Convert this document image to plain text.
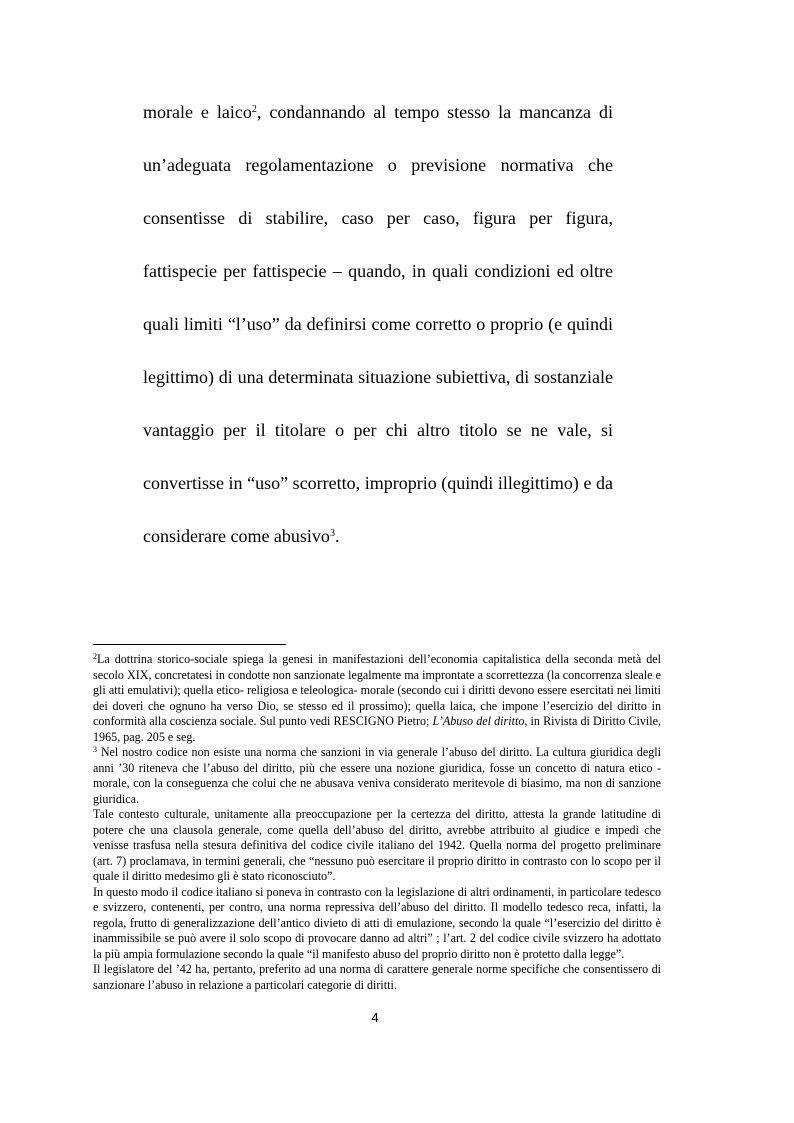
morale e laico$^2$, condannando al tempo stesso la mancanza di un’adeguata regolamentazione o previsione normativa che consentisse di stabilire, caso per caso, figura per figura, fattispecie per fattispecie – quando, in quali condizioni ed oltre quali limiti “l’uso” da definirsi come corretto o proprio (e quindi legittimo) di una determinata situazione subiettiva, di sostanziale vantaggio per il titolare o per chi altro titolo se ne vale, si convertisse in “uso” scorretto, improprio (quindi illegittimo) e da considerare come abusivo$^3$.

$^2$La dottrina storico-sociale spiega la genesi in manifestazioni dell’economia capitalistica della seconda metà del secolo XIX, concretatesi in condotte non sanzionate legalmente ma improntate a scorrettezza (la concorrenza sleale e gli atti emulativi); quella etico- religiosa e teleologica- morale (secondo cui i diritti devono essere esercitati nei limiti dei doveri che ognuno ha verso Dio, se stesso ed il prossimo); quella laica, che impone l’esercizio del diritto in conformità alla coscienza sociale. Sul punto vedi RESCIGNO Pietro; L’Abuso del diritto, in Rivista di Diritto Civile, 1965, pag. 205 e seg.

$^3$ Nel nostro codice non esiste una norma che sanzioni in via generale l’abuso del diritto. La cultura giuridica degli anni ’30 riteneva che l’abuso del diritto, più che essere una nozione giuridica, fosse un concetto di natura etico - morale, con la conseguenza che colui che ne abusava veniva considerato meritevole di biasimo, ma non di sanzione giuridica.

Tale contesto culturale, unitamente alla preoccupazione per la certezza del diritto, attesta la grande latitudine di potere che una clausola generale, come quella dell’abuso del diritto, avrebbe attribuito al giudice e impedì che venisse trasfusa nella stesura definitiva del codice civile italiano del 1942. Quella norma del progetto preliminare (art. 7) proclamava, in termini generali, che “nessuno può esercitare il proprio diritto in contrasto con lo scopo per il quale il diritto medesimo gli è stato riconosciuto”.

In questo modo il codice italiano si poneva in contrasto con la legislazione di altri ordinamenti, in particolare tedesco e svizzero, contenenti, per contro, una norma repressiva dell’abuso del diritto. Il modello tedesco reca, infatti, la regola, frutto di generalizzazione dell’antico divieto di atti di emulazione, secondo la quale “l’esercizio del diritto è inammissibile se può avere il solo scopo di provocare danno ad altri” ; l’art. 2 del codice civile svizzero ha adottato la più ampia formulazione secondo la quale “il manifesto abuso del proprio diritto non è protetto dalla legge”.

Il legislatore del ’42 ha, pertanto, preferito ad una norma di carattere generale norme specifiche che consentissero di sanzionare l’abuso in relazione a particolari categorie di diritti.

4
